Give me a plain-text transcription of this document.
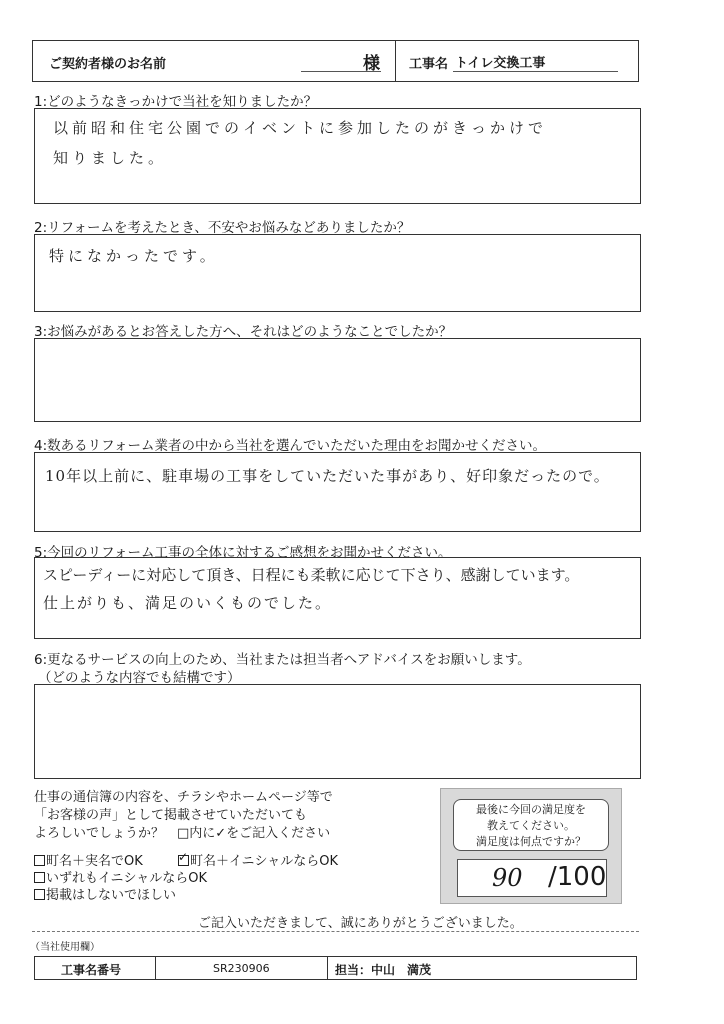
ご契約者様のお名前	様 工事名 トイレ交換工事
1:どのようなきっかけで当社を知りましたか？
以前昭和住宅公園でのイベントに参加したのがきっかけで
知りました。
2:リフォームを考えたとき、不安やお悩みなどありましたか？
特になかったです。
3:お悩みがあるとお答えした方へ、それはどのようなことでしたか？
4:数あるリフォーム業者の中から当社を選んでいただいた理由をお聞かせください。
10年以上前に、駐車場の工事をしていただいた事があり、好印象だったので。
5:今回のリフォーム工事の全体に対するご感想をお聞かせください。
スピーディーに対応して頂き、日程にも柔軟に応じて下さり、感謝しています。
仕上がりも、満足のいくものでした。
6:更なるサービスの向上のため、当社または担当者へアドバイスをお願いします。
（どのような内容でも結構です）
仕事の通信簿の内容を、チラシやホームページ等で
「お客様の声」として掲載させていただいても
よろしいでしょうか？　□内に✓をご記入ください
町名＋実名でOK
✓	町名＋イニシャルならOK
いずれもイニシャルならOK
掲載はしないでほしい
最後に今回の満足度を
教えてください。
満足度は何点ですか？
90 /100
ご記入いただきまして、誠にありがとうございました。
（当社使用欄）
工事名番号	SR230906	担当：中山　満茂
